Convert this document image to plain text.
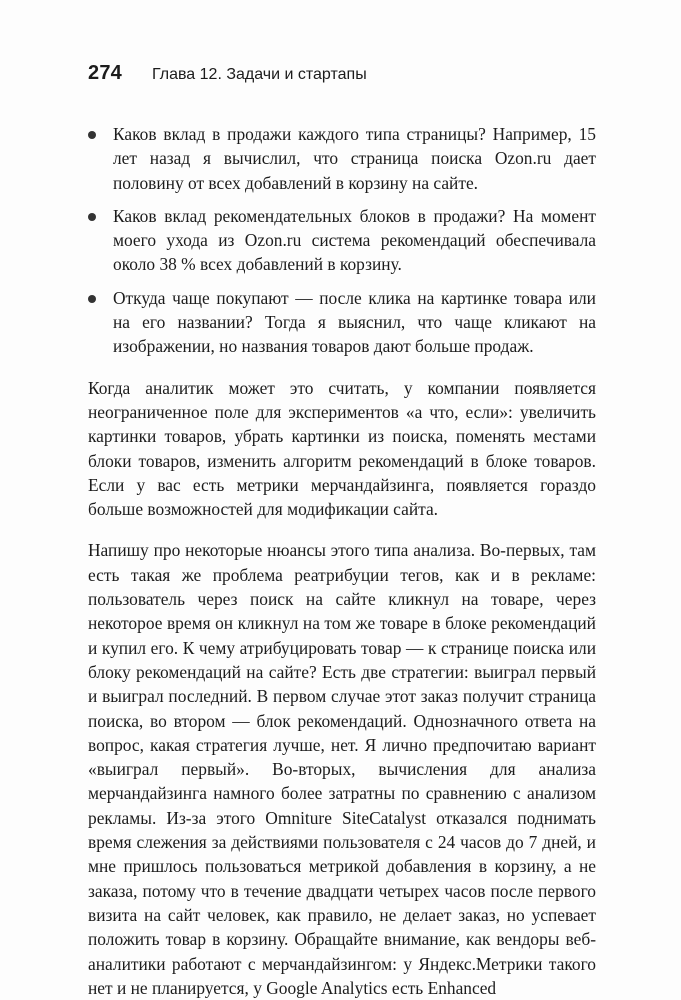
274 Глава 12. Задачи и стартапы
Каков вклад в продажи каждого типа страницы? Например, 15 лет назад я вычислил, что страница поиска Ozon.ru дает половину от всех добавлений в корзину на сайте.
Каков вклад рекомендательных блоков в продажи? На момент моего ухода из Ozon.ru система рекомендаций обеспечивала около 38 % всех добавлений в корзину.
Откуда чаще покупают — после клика на картинке товара или на его названии? Тогда я выяснил, что чаще кликают на изображении, но названия товаров дают больше продаж.

Когда аналитик может это считать, у компании появляется неограниченное поле для экспериментов «а что, если»: увеличить картинки товаров, убрать картинки из поиска, поменять местами блоки товаров, изменить алгоритм рекомендаций в блоке товаров. Если у вас есть метрики мерчандайзинга, появляется гораздо больше возможностей для модификации сайта.

Напишу про некоторые нюансы этого типа анализа. Во-первых, там есть такая же проблема реатрибуции тегов, как и в рекламе: пользователь через поиск на сайте кликнул на товаре, через некоторое время он кликнул на том же товаре в блоке рекомендаций и купил его. К чему атрибуцировать товар — к странице поиска или блоку рекомендаций на сайте? Есть две стратегии: выиграл первый и выиграл последний. В первом случае этот заказ получит страница поиска, во втором — блок рекомендаций. Однозначного ответа на вопрос, какая стратегия лучше, нет. Я лично предпочитаю вариант «выиграл первый». Во-вторых, вычисления для анализа мерчандайзинга намного более затратны по сравнению с анализом рекламы. Из-за этого Omniture SiteCatalyst отказался поднимать время слежения за действиями пользователя с 24 часов до 7 дней, и мне пришлось пользоваться метрикой добавления в корзину, а не заказа, потому что в течение двадцати четырех часов после первого визита на сайт человек, как правило, не делает заказ, но успевает положить товар в корзину. Обращайте внимание, как вендоры веб-аналитики работают с мерчандайзингом: у Яндекс.Метрики такого нет и не планируется, у Google Analytics есть Enhanced
